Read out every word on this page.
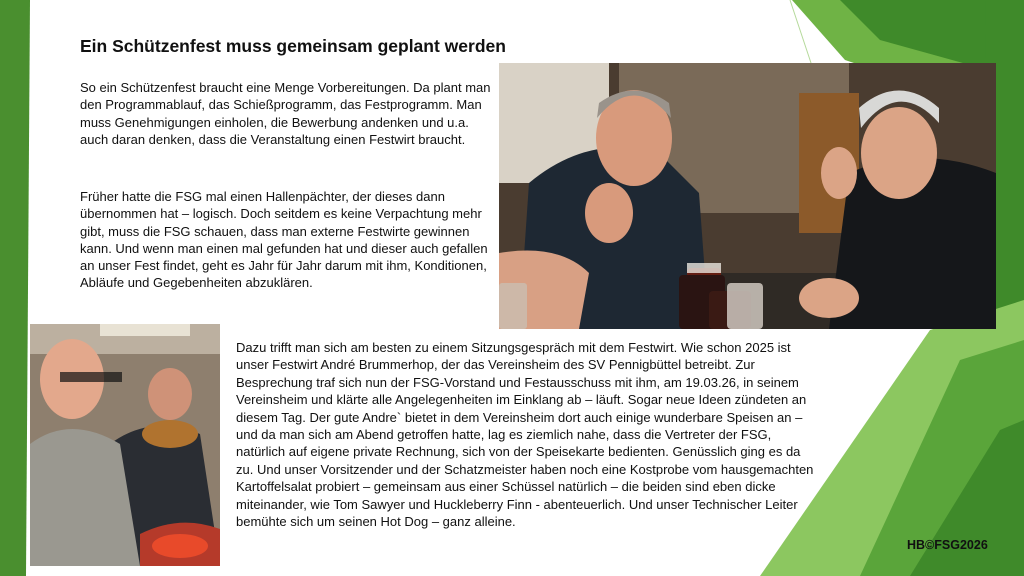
Ein Schützenfest muss gemeinsam geplant werden

So ein Schützenfest braucht eine Menge Vorbereitungen. Da plant man den Programmablauf, das Schießprogramm, das Festprogramm. Man muss Genehmigungen einholen, die Bewerbung andenken und u.a. auch daran denken, dass die Veranstaltung einen Festwirt braucht.

Früher hatte die FSG mal einen Hallenpächter, der dieses dann übernommen hat – logisch. Doch seitdem es keine Verpachtung mehr gibt, muss die FSG schauen, dass man externe Festwirte gewinnen kann. Und wenn man einen mal gefunden hat und dieser auch gefallen an unser Fest findet, geht es Jahr für Jahr darum mit ihm, Konditionen, Abläufe und Gegebenheiten abzuklären.

Dazu trifft man sich am besten zu einem Sitzungsgespräch mit dem Festwirt. Wie schon 2025 ist unser Festwirt André Brummerhop, der das Vereinsheim des SV Pennigbüttel betreibt. Zur Besprechung traf sich nun der FSG-Vorstand und Festausschuss mit ihm, am 19.03.26, in seinem Vereinsheim und klärte alle Angelegenheiten im Einklang ab – läuft. Sogar neue Ideen zündeten an diesem Tag. Der gute Andre` bietet in dem Vereinsheim dort auch einige wunderbare Speisen an – und da man sich am Abend getroffen hatte, lag es ziemlich nahe, dass die Vertreter der FSG, natürlich auf eigene private Rechnung, sich von der Speisekarte bedienten. Genüsslich ging es da zu. Und unser Vorsitzender und der Schatzmeister haben noch eine Kostprobe vom hausgemachten Kartoffelsalat probiert – gemeinsam aus einer Schüssel natürlich – die beiden sind eben dicke miteinander, wie Tom Sawyer und Huckleberry Finn - abenteuerlich. Und unser Technischer Leiter bemühte sich um seinen Hot Dog – ganz alleine.

HB©FSG2026
